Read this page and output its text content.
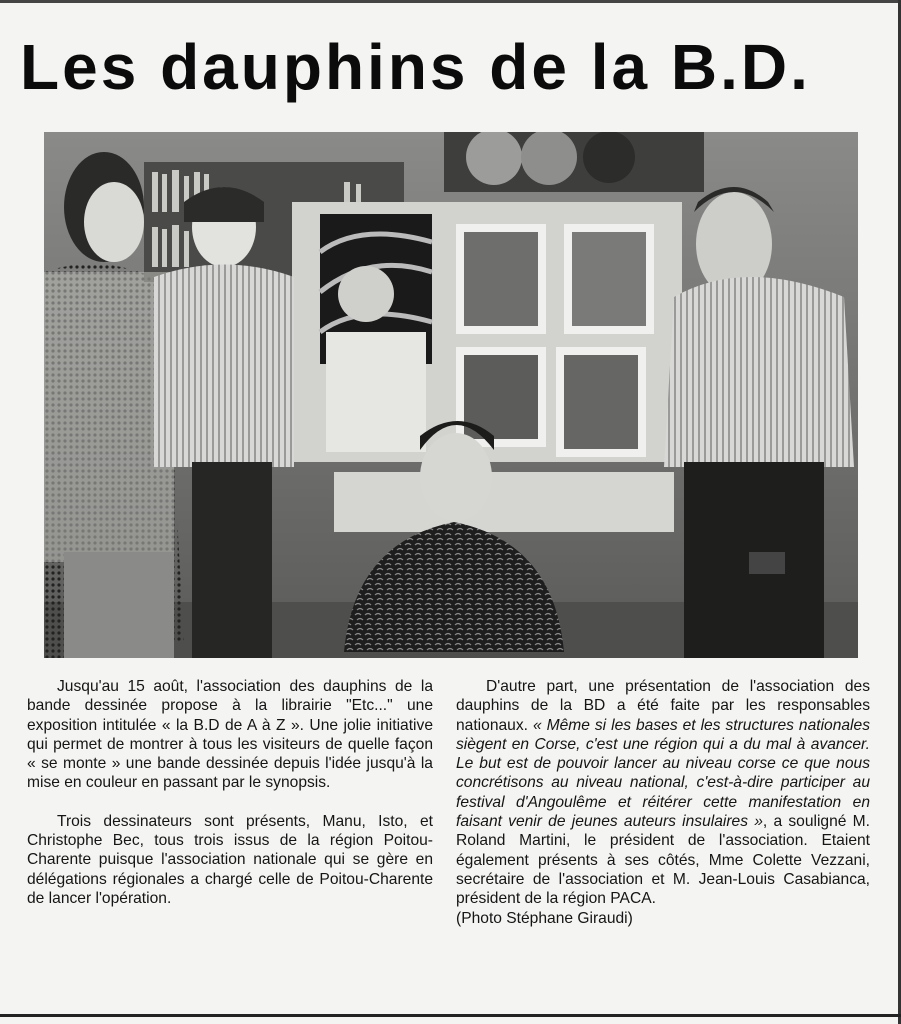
Les dauphins de la B.D.

Jusqu'au 15 août, l'association des dauphins de la bande dessinée propose à la librairie "Etc..." une exposition intitulée « la B.D de A à Z ». Une jolie initiative qui permet de montrer à tous les visiteurs de quelle façon « se monte » une bande dessinée depuis l'idée jusqu'à la mise en couleur en passant par le synopsis.

Trois dessinateurs sont présents, Manu, Isto, et Christophe Bec, tous trois issus de la région Poitou-Charente puisque l'association nationale qui se gère en délégations régionales a chargé celle de Poitou-Charente de lancer l'opération.

D'autre part, une présentation de l'association des dauphins de la BD a été faite par les responsables nationaux. « Même si les bases et les structures nationales siègent en Corse, c'est une région qui a du mal à avancer. Le but est de pouvoir lancer au niveau corse ce que nous concrétisons au niveau national, c'est-à-dire participer au festival d'Angoulême et réitérer cette manifestation en faisant venir de jeunes auteurs insulaires », a souligné M. Roland Martini, le président de l'association. Etaient également présents à ses côtés, Mme Colette Vezzani, secrétaire de l'association et M. Jean-Louis Casabianca, président de la région PACA.
(Photo Stéphane Giraudi)
